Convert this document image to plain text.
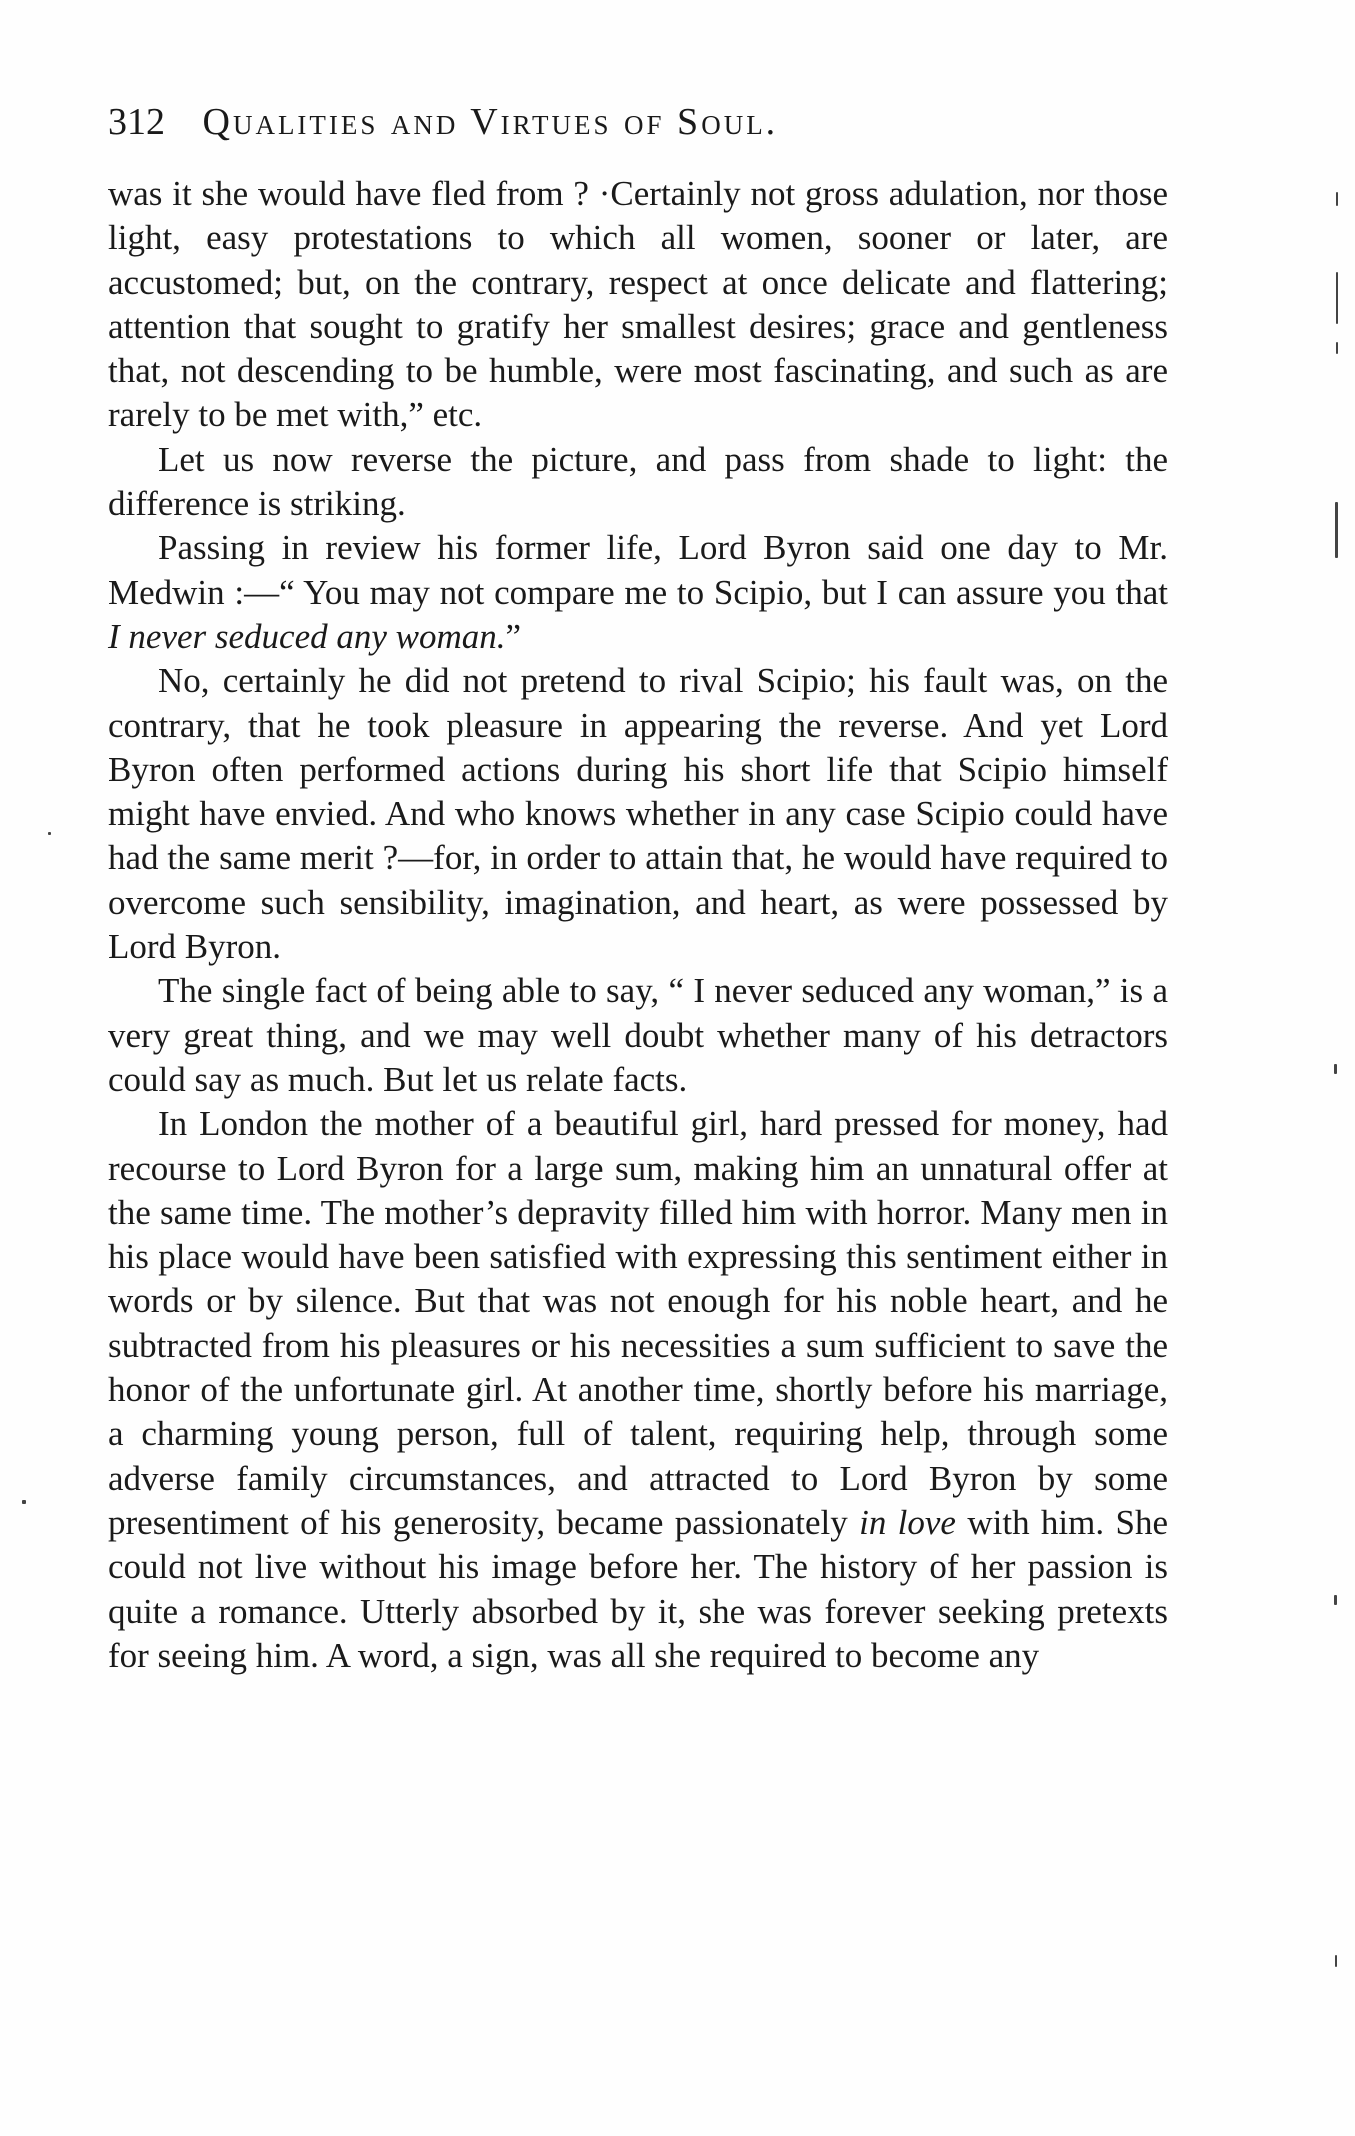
312 Qualities and Virtues of Soul.

was it she would have fled from ? ·Certainly not gross adulation, nor those light, easy protestations to which all women, sooner or later, are accustomed; but, on the contrary, respect at once delicate and flattering; attention that sought to gratify her smallest desires; grace and gentleness that, not descending to be humble, were most fascinating, and such as are rarely to be met with,” etc.

Let us now reverse the picture, and pass from shade to light: the difference is striking.

Passing in review his former life, Lord Byron said one day to Mr. Medwin :—“ You may not compare me to Scipio, but I can assure you that I never seduced any woman.”

No, certainly he did not pretend to rival Scipio; his fault was, on the contrary, that he took pleasure in appearing the reverse. And yet Lord Byron often performed actions during his short life that Scipio himself might have envied. And who knows whether in any case Scipio could have had the same merit ?—for, in order to attain that, he would have required to overcome such sensibility, imagination, and heart, as were possessed by Lord Byron.

The single fact of being able to say, “ I never seduced any woman,” is a very great thing, and we may well doubt whether many of his detractors could say as much. But let us relate facts.

In London the mother of a beautiful girl, hard pressed for money, had recourse to Lord Byron for a large sum, making him an unnatural offer at the same time. The mother’s depravity filled him with horror. Many men in his place would have been satisfied with expressing this sentiment either in words or by silence. But that was not enough for his noble heart, and he subtracted from his pleasures or his necessities a sum sufficient to save the honor of the unfortunate girl. At another time, shortly before his marriage, a charming young person, full of talent, requiring help, through some adverse family circumstances, and attracted to Lord Byron by some presentiment of his generosity, became passionately in love with him. She could not live without his image before her. The history of her passion is quite a romance. Utterly absorbed by it, she was forever seeking pretexts for seeing him. A word, a sign, was all she required to become any
